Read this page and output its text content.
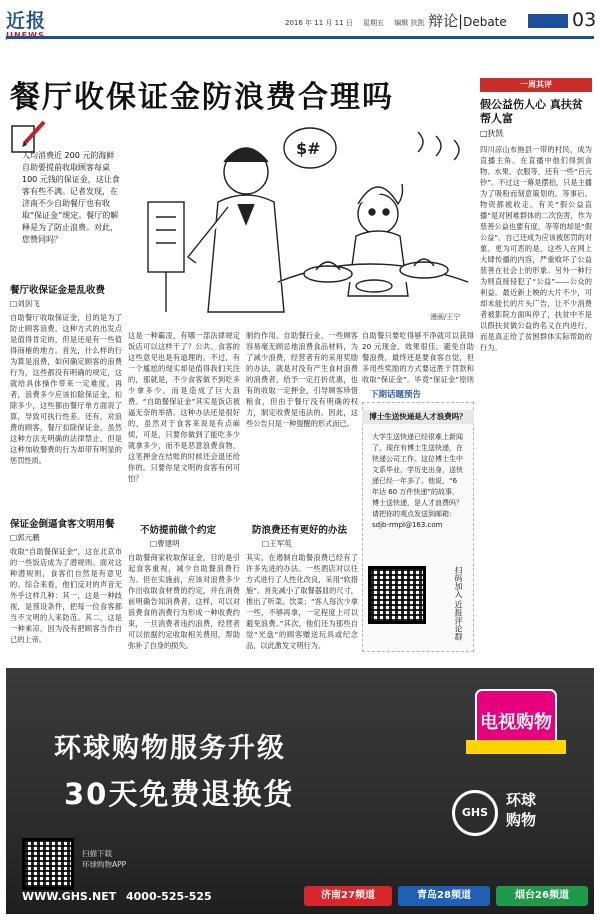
近报	2016 年 11 月 11 日 星期五 编辑 扶凯 辩论|Debate	03
餐厅收保证金防浪费合理吗
人均消费近 200 元的海鲜自助要提前收取顾客每桌 100 元钱的保证金，这让食客有些不满。记者发现，在济南不少自助餐厅也有收取“保证金”规定。餐厅的解释是为了防止浪费。对此，您赞同吗？
$#
漫画/王宁
餐厅收保证金是乱收费
□刘剑飞
自助餐厅收取保证金，目的是为了防止顾客浪费，这种方式的出发点是值得肯定的，但是还是有一些值得商榷的地方。首先，什么样的行为算是浪费，如何确定顾客的浪费行为，这些都没有明确的规定，这就给具体操作带来一定难度。再者，浪费多少应该扣除保证金，扣除多少，这些都由餐厅单方面说了算，导致可执行性差。还有，对浪费的顾客，餐厅扣除保证金，虽然这种方法无明确的法律禁止，但是这种加收餐费的行为却带有明显的惩罚性质。
保证金倒逼食客文明用餐
□郭元鹏
收取“自助餐保证金”，这在北京市的一些饭店成为了潜规则。面对这种潜规则，食客们自然是有意见的。综合来看，他们反对的声音无外乎这样几种：其一，这是一种歧视，是预设条件，把每一位食客都当不文明的人来防范。其二，这是一种乘凉，因为没有把顾客当作自己的上帝。
这是一种霸凌，有哪一部法律规定饭店可以这样干了？公共、食客的这些意见也是有道理的。不过，有一个尴尬的现实却是值得我们关注的，那就是，不少食客做不到吃多少拿多少，而是造成了巨大浪费。“自助餐保证金”其实是饭店被逼无奈的举措。这种办法还是很好的，虽然对于食客来说是有点麻烦，可是，只要你做到了能吃多少就拿多少，而不是恶意浪费食物，这笔押金在结账的时候还会退还给你的。只要你是文明的食客有何可怕？
不妨提前做个约定
□曹建明
自助餐商家收取保证金，目的是引起食客重视，减少自助餐浪费行为。但在实施前，应该对浪费多少作出收取食材费的约定，并在消费前明确告知消费者。这样，可以对浪费食的消费行为形成一种收费约束，一旦消费者违约浪费，经营者可以依据约定收取相关费用，帮助弥补了自身的损失。
制约作用。自助餐行业，一些顾客容易毫无顾忌地浪费食品材料，为了减少浪费，经营者有的采用奖励的办法，就是对没有产生食材浪费的消费者，给予一定打折优惠，也有的收取一定押金，引导顾客珍惜粮食，但由于餐厅没有明确的权力，制定收费是违法的。因此，这些公告只是一种提醒的形式而已。
防浪费还有更好的办法
□王军英
其实，在遏制自助餐浪费已经有了许多先进的办法。一些酒店对以往方式进行了人性化改良，采用“软措施”。首先减小了取餐器皿的尺寸，推出了听菜、饮菜；“客人每次少拿一些，不够再拿，一定程度上可以避免浪费。”其次，他们还为那些自觉“光盘”的顾客赠送玩具或纪念品，以此激发文明行为。
自助餐只要吃得够不净就可以获得 20 元现金，效果很佳。避免自助餐浪费，最终还是要食客自觉，但多用些奖励的方式要远胜于罚款和收取“保证金”。毕竟“保证金”原则
下期话题预告
博士生送快递是人才浪费吗？
大学生送快递已经很难上新闻了，现在有博士生送快递，在快递公司工作。这位博士生中文系毕业，学历史出身，送快递已经一年多了。他说，“6 年达 60 万件快递”的故事，博士送快递，是人才浪费吗？请把你的观点发送到邮箱：sdjb-rmpl@163.com
扫码加入 近报评论群
一周其评
假公益伤人心 真扶贫帮人富
□狄凯
四川凉山布拖县一带的村民，成为直播主角。在直播中他们得到食物、水果、衣服等，还有一些“百元钞”。不过这一幕是摆拍，只是主播为了吸粉而刻意策划的。等事后，物资都被收走。有关“假公益直播”是对困难群体的二次伤害，作为慈善公益也要有度，等等的却是“假公益”。自己还成为应该被惩罚的对象。更为可恶的是，这些人在网上大肆传播的内容，严重败坏了公益慈善在社会上的形象。另外一种行为则直接侵犯了“公益”——公众的利益。最近新上映的大片不少，可却未能长的片头广告，让不少消费者被影院方面叫停了，扶贫中不是以假扶贫做公益的名义在内进行，而是真正给了贫困群体实际帮助的行为。
环球购物服务升级
30天免费退换货
电视购物
GHS
环球购物
扫描下载
环球购物APP
WWW.GHS.NET 4000-525-525	济南27频道	青岛28频道	烟台26频道
